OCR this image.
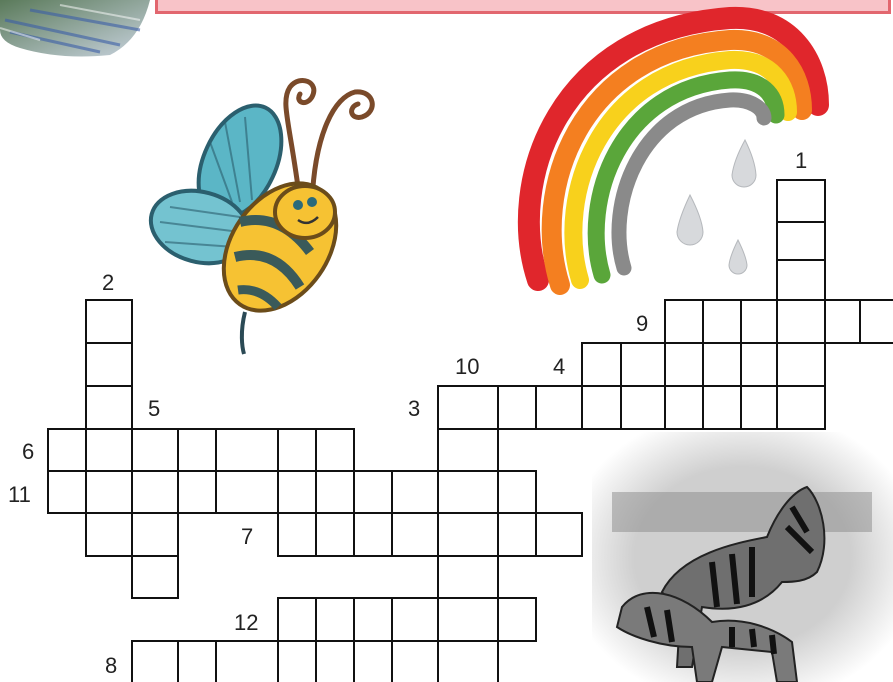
1
2
3
4
5
6
7
8
9
10
11
12
